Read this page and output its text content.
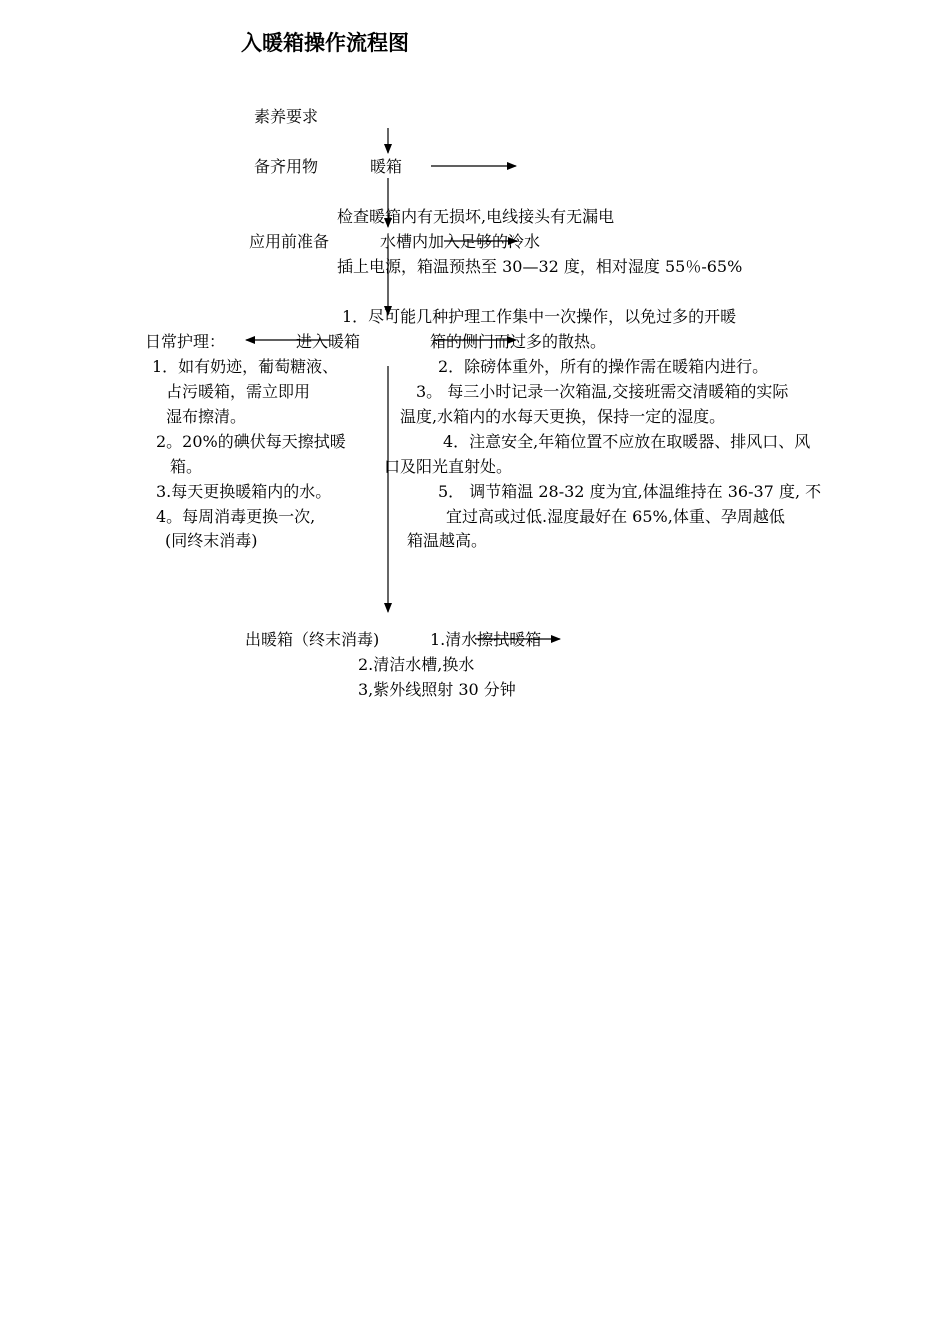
入暖箱操作流程图
素养要求
备齐用物	暖箱
应用前准备
日常护理：	进入暖箱
出暖箱（终末消毒)
检查暖箱内有无损坏,电线接头有无漏电
水槽内加入足够的冷水
插上电源，箱温预热至 30—32 度，相对湿度 55％-65%
1．如有奶迹，葡萄糖液、
占污暖箱，需立即用
湿布擦清。
2。20%的碘伏每天擦拭暖
箱。
3.每天更换暖箱内的水。
4。每周消毒更换一次,
(同终末消毒)
1．尽可能几种护理工作集中一次操作，以免过多的开暖
箱的侧门而过多的散热。
2．除磅体重外，所有的操作需在暖箱内进行。
3。 每三小时记录一次箱温,交接班需交清暖箱的实际
温度,水箱内的水每天更换，保持一定的湿度。
4．注意安全,年箱位置不应放在取暖器、排风口、风
口及阳光直射处。
5． 调节箱温 28-32 度为宜,体温维持在 36-37 度, 不
宜过高或过低.湿度最好在 65%,体重、孕周越低
箱温越高。
1.清水擦拭暖箱
2.清洁水槽,换水
3,紫外线照射 30 分钟
